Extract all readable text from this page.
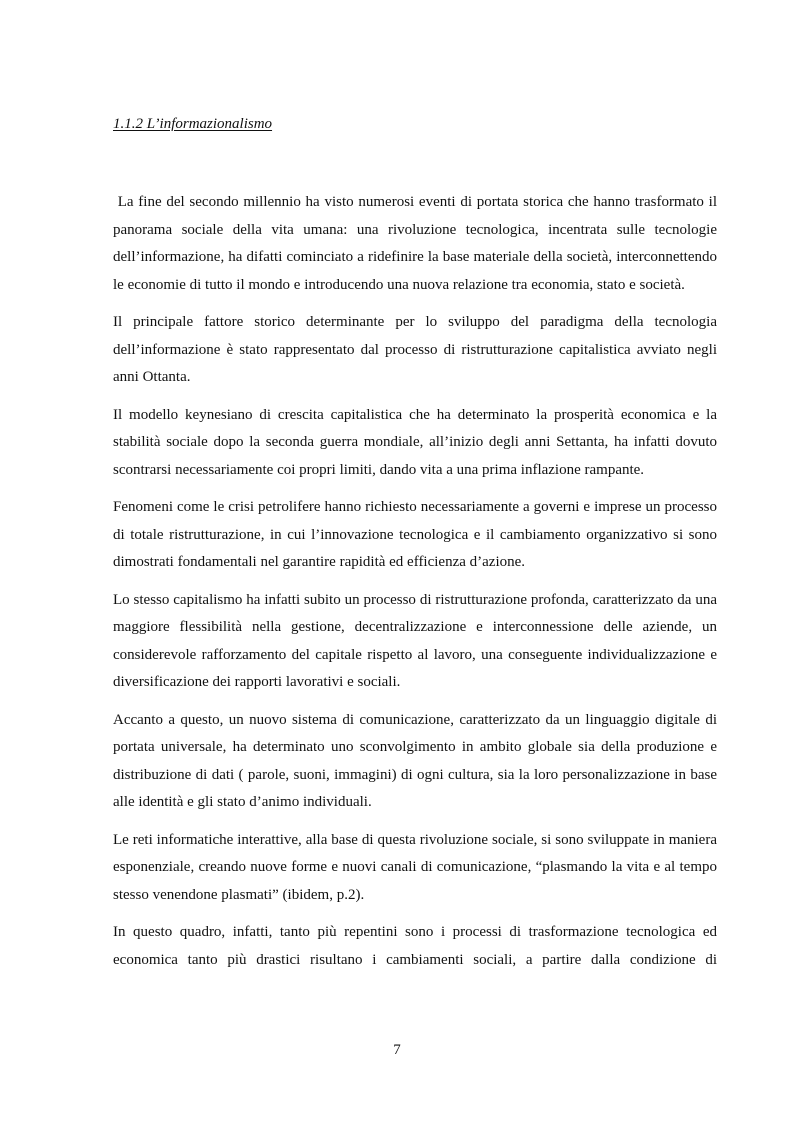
1.1.2 L’informazionalismo

La fine del secondo millennio ha visto numerosi eventi di portata storica che hanno trasformato il panorama sociale della vita umana: una rivoluzione tecnologica, incentrata sulle tecnologie dell’informazione, ha difatti cominciato a ridefinire la base materiale della società, interconnettendo le economie di tutto il mondo e introducendo una nuova relazione tra economia, stato e società.

Il principale fattore storico determinante per lo sviluppo del paradigma della tecnologia dell’informazione è stato rappresentato dal processo di ristrutturazione capitalistica avviato negli anni Ottanta.

Il modello keynesiano di crescita capitalistica che ha determinato la prosperità economica e la stabilità sociale dopo la seconda guerra mondiale, all’inizio degli anni Settanta, ha infatti dovuto scontrarsi necessariamente coi propri limiti, dando vita a una prima inflazione rampante.

Fenomeni come le crisi petrolifere hanno richiesto necessariamente a governi e imprese un processo di totale ristrutturazione, in cui l’innovazione tecnologica e il cambiamento organizzativo si sono dimostrati fondamentali nel garantire rapidità ed efficienza d’azione.

Lo stesso capitalismo ha infatti subito un processo di ristrutturazione profonda, caratterizzato da una maggiore flessibilità nella gestione, decentralizzazione e interconnessione delle aziende, un considerevole rafforzamento del capitale rispetto al lavoro, una conseguente individualizzazione e diversificazione dei rapporti lavorativi e sociali.

Accanto a questo, un nuovo sistema di comunicazione, caratterizzato da un linguaggio digitale di portata universale, ha determinato uno sconvolgimento in ambito globale sia della produzione e distribuzione di dati ( parole, suoni, immagini) di ogni cultura, sia la loro personalizzazione in base alle identità e gli stato d’animo individuali.

Le reti informatiche interattive, alla base di questa rivoluzione sociale, si sono sviluppate in maniera esponenziale, creando nuove forme e nuovi canali di comunicazione, “plasmando la vita e al tempo stesso venendone plasmati” (ibidem, p.2).

In questo quadro, infatti, tanto più repentini sono i processi di trasformazione tecnologica ed economica tanto più drastici risultano i cambiamenti sociali, a partire dalla condizione di

7
